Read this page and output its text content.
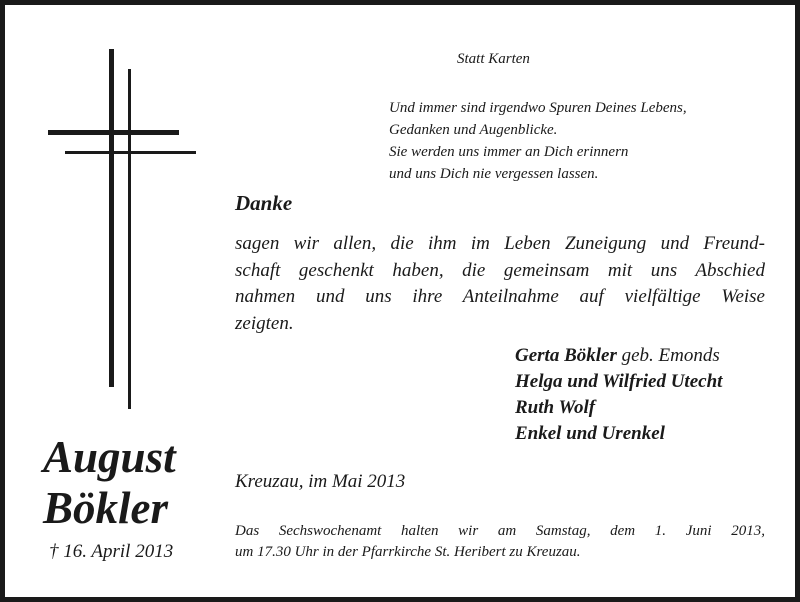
August
Bökler
† 16. April 2013
Statt Karten
Und immer sind irgendwo Spuren Deines Lebens,
Gedanken und Augenblicke.
Sie werden uns immer an Dich erinnern
und uns Dich nie vergessen lassen.
Danke
sagen wir allen, die ihm im Leben Zuneigung und Freund-
schaft geschenkt haben, die gemeinsam mit uns Abschied
nahmen und uns ihre Anteilnahme auf vielfältige Weise
zeigten.
Gerta Bökler geb. Emonds
Helga und Wilfried Utecht
Ruth Wolf
Enkel und Urenkel
Kreuzau, im Mai 2013
Das Sechswochenamt halten wir am Samstag, dem 1. Juni 2013,
um 17.30 Uhr in der Pfarrkirche St. Heribert zu Kreuzau.
